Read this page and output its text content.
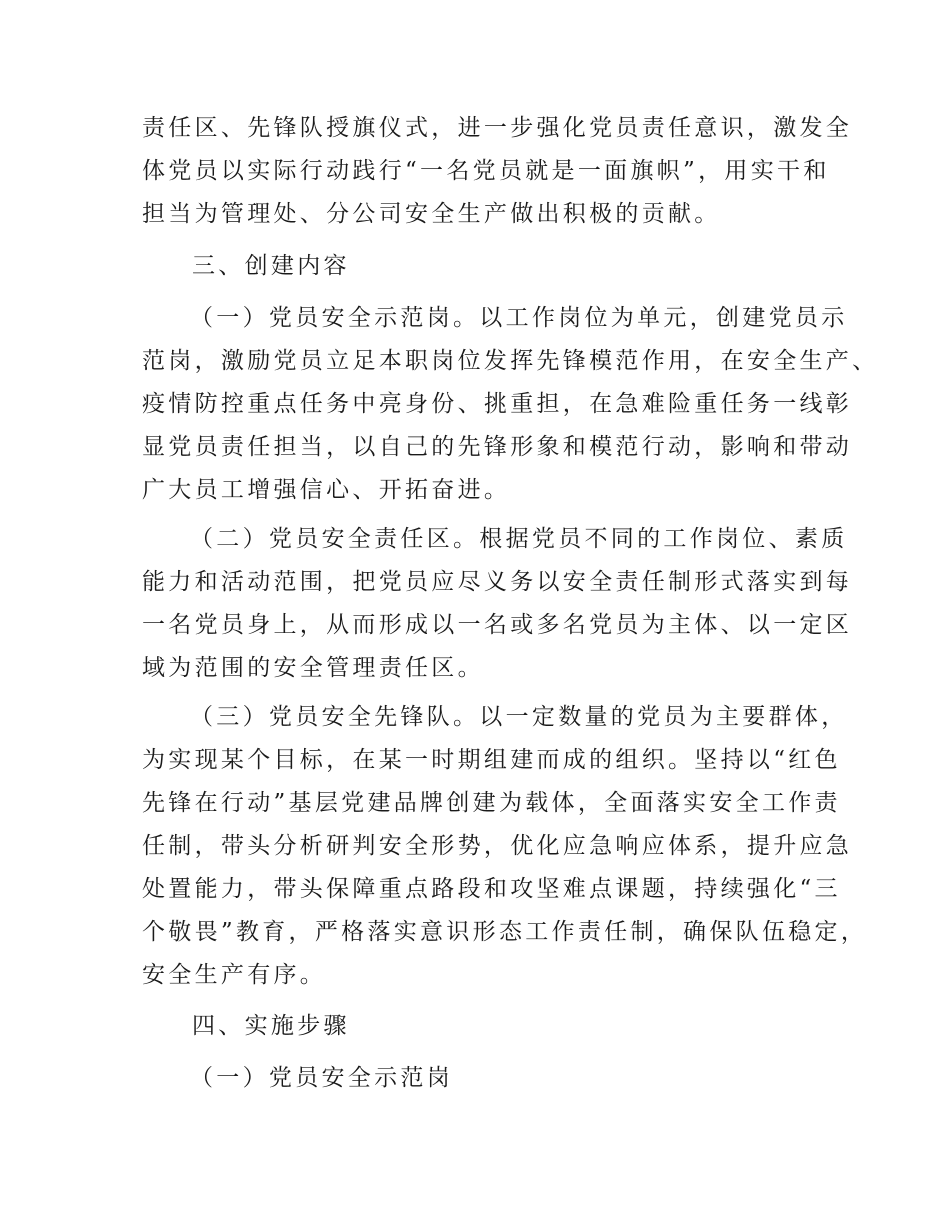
责任区、先锋队授旗仪式，进一步强化党员责任意识，激发全
体党员以实际行动践行“一名党员就是一面旗帜”，用实干和
担当为管理处、分公司安全生产做出积极的贡献。
三、创建内容
（一）党员安全示范岗。以工作岗位为单元，创建党员示
范岗，激励党员立足本职岗位发挥先锋模范作用，在安全生产、
疫情防控重点任务中亮身份、挑重担，在急难险重任务一线彰
显党员责任担当，以自己的先锋形象和模范行动，影响和带动
广大员工增强信心、开拓奋进。
（二）党员安全责任区。根据党员不同的工作岗位、素质
能力和活动范围，把党员应尽义务以安全责任制形式落实到每
一名党员身上，从而形成以一名或多名党员为主体、以一定区
域为范围的安全管理责任区。
（三）党员安全先锋队。以一定数量的党员为主要群体，
为实现某个目标，在某一时期组建而成的组织。坚持以“红色
先锋在行动”基层党建品牌创建为载体，全面落实安全工作责
任制，带头分析研判安全形势，优化应急响应体系，提升应急
处置能力，带头保障重点路段和攻坚难点课题，持续强化“三
个敬畏”教育，严格落实意识形态工作责任制，确保队伍稳定，
安全生产有序。
四、实施步骤
（一）党员安全示范岗
